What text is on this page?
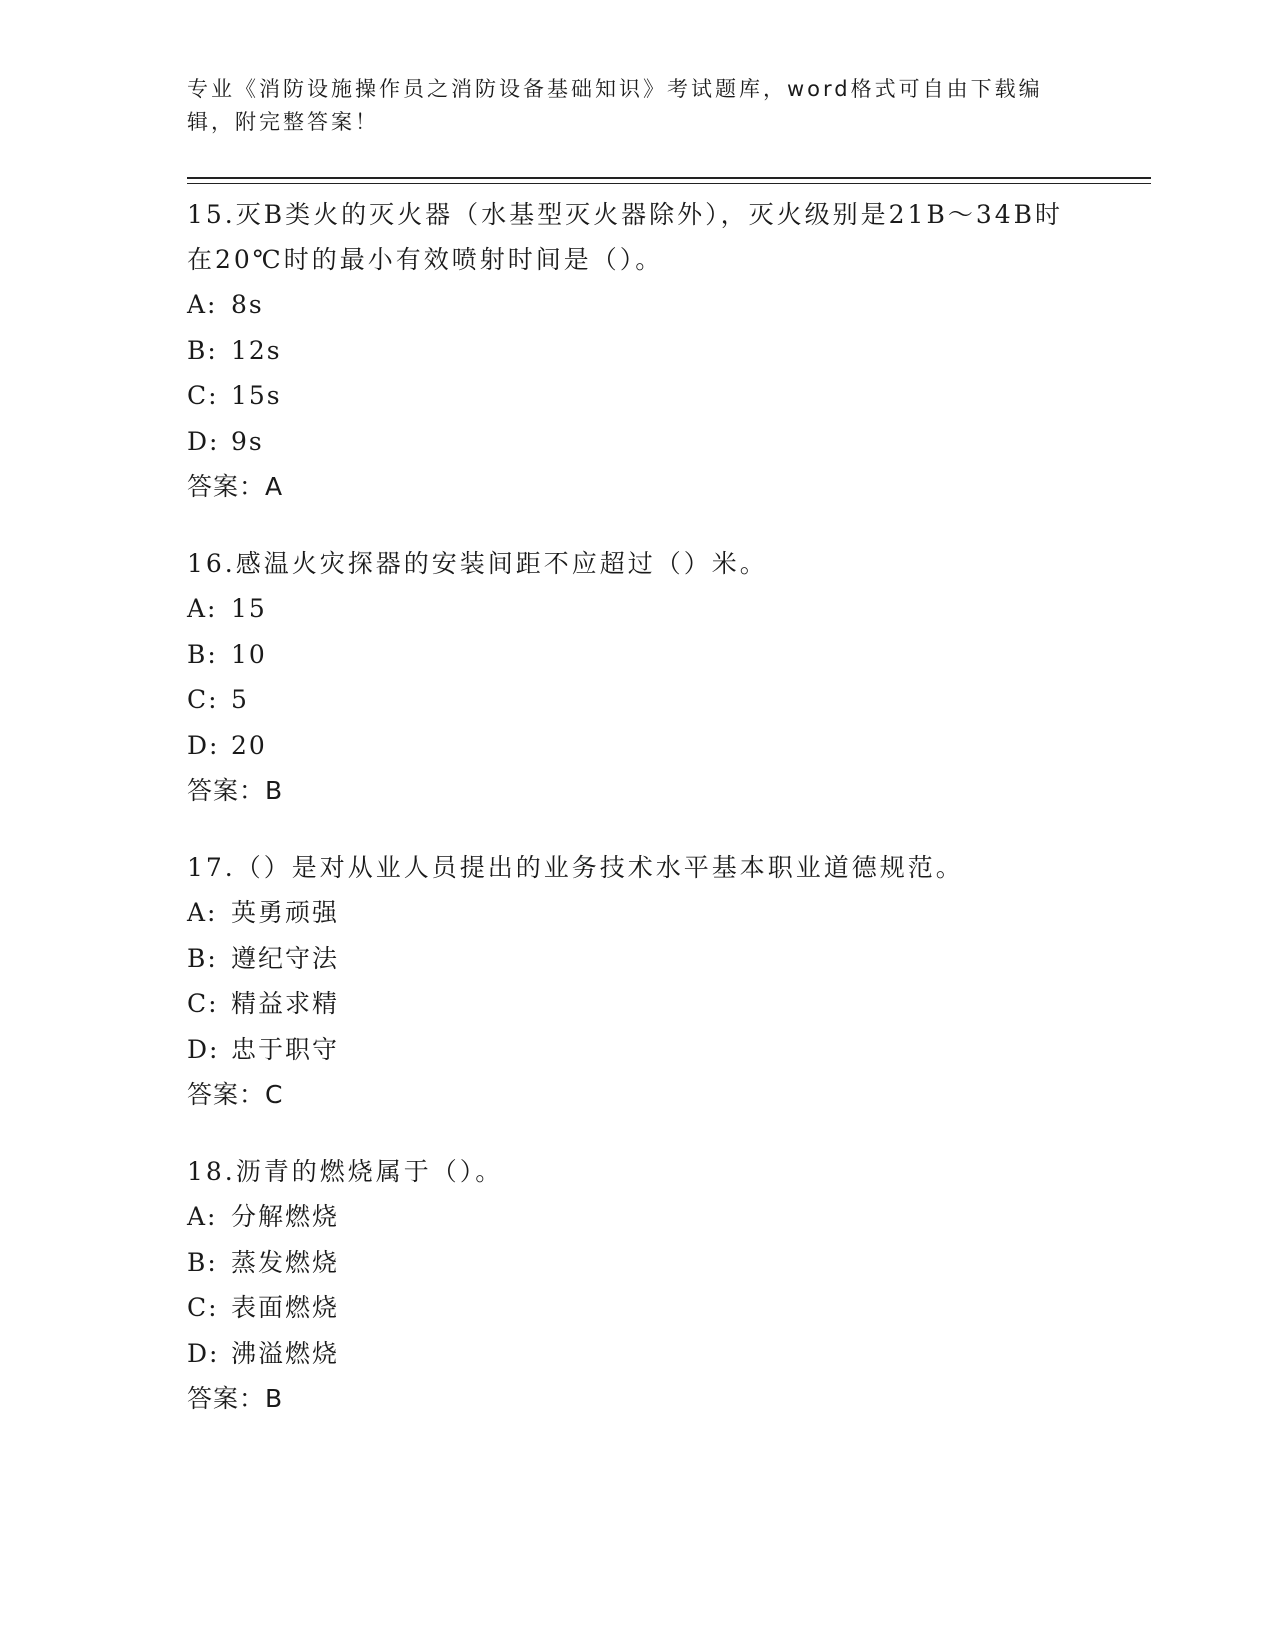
专业《消防设施操作员之消防设备基础知识》考试题库，word格式可自由下载编辑，附完整答案！
15.灭B类火的灭火器（水基型灭火器除外），灭火级别是21B～34B时在20℃时的最小有效喷射时间是（）。
A: 8s
B: 12s
C: 15s
D: 9s
答案：A
16.感温火灾探器的安装间距不应超过（）米。
A: 15
B: 10
C: 5
D: 20
答案：B
17.（）是对从业人员提出的业务技术水平基本职业道德规范。
A: 英勇顽强
B: 遵纪守法
C: 精益求精
D: 忠于职守
答案：C
18.沥青的燃烧属于（）。
A: 分解燃烧
B: 蒸发燃烧
C: 表面燃烧
D: 沸溢燃烧
答案：B
